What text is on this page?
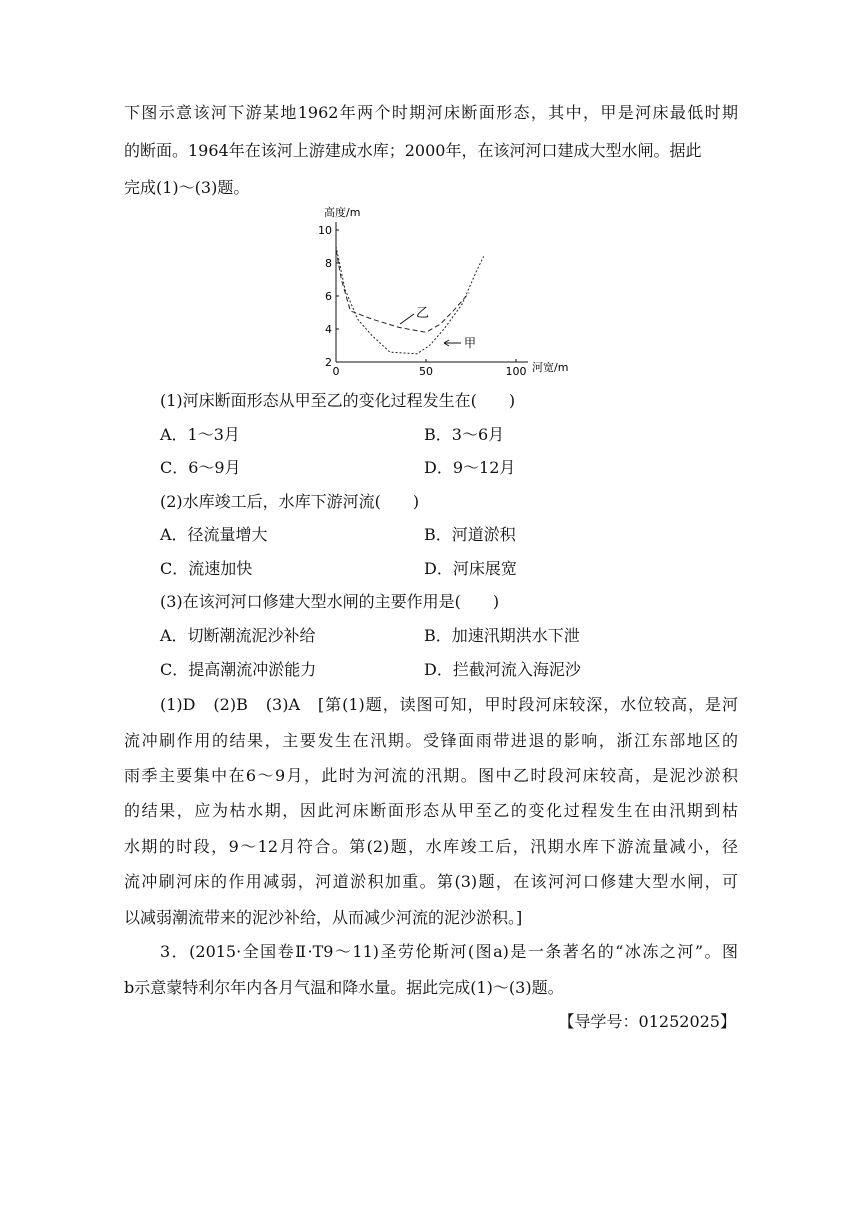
下图示意该河下游某地1962年两个时期河床断面形态，其中，甲是河床最低时期
的断面。1964年在该河上游建成水库；2000年，在该河河口建成大型水闸。据此
完成(1)～(3)题。
2
4
6
8
10
0	50	100
高度/m
河宽/m
乙
甲
(1)河床断面形态从甲至乙的变化过程发生在(　　)
A．1～3月	B．3～6月
C．6～9月	D．9～12月
(2)水库竣工后，水库下游河流(　　)
A．径流量增大	B．河道淤积
C．流速加快	D．河床展宽
(3)在该河河口修建大型水闸的主要作用是(　　)
A．切断潮流泥沙补给	B．加速汛期洪水下泄
C．提高潮流冲淤能力	D．拦截河流入海泥沙
(1)D　(2)B　(3)A　[第(1)题，读图可知，甲时段河床较深，水位较高，是河
流冲刷作用的结果，主要发生在汛期。受锋面雨带进退的影响，浙江东部地区的
雨季主要集中在6～9月，此时为河流的汛期。图中乙时段河床较高，是泥沙淤积
的结果，应为枯水期，因此河床断面形态从甲至乙的变化过程发生在由汛期到枯
水期的时段，9～12月符合。第(2)题，水库竣工后，汛期水库下游流量减小，径
流冲刷河床的作用减弱，河道淤积加重。第(3)题，在该河河口修建大型水闸，可
以减弱潮流带来的泥沙补给，从而减少河流的泥沙淤积。]
3．(2015·全国卷Ⅱ·T9～11)圣劳伦斯河(图a)是一条著名的“冰冻之河”。图
b示意蒙特利尔年内各月气温和降水量。据此完成(1)～(3)题。
【导学号：01252025】
